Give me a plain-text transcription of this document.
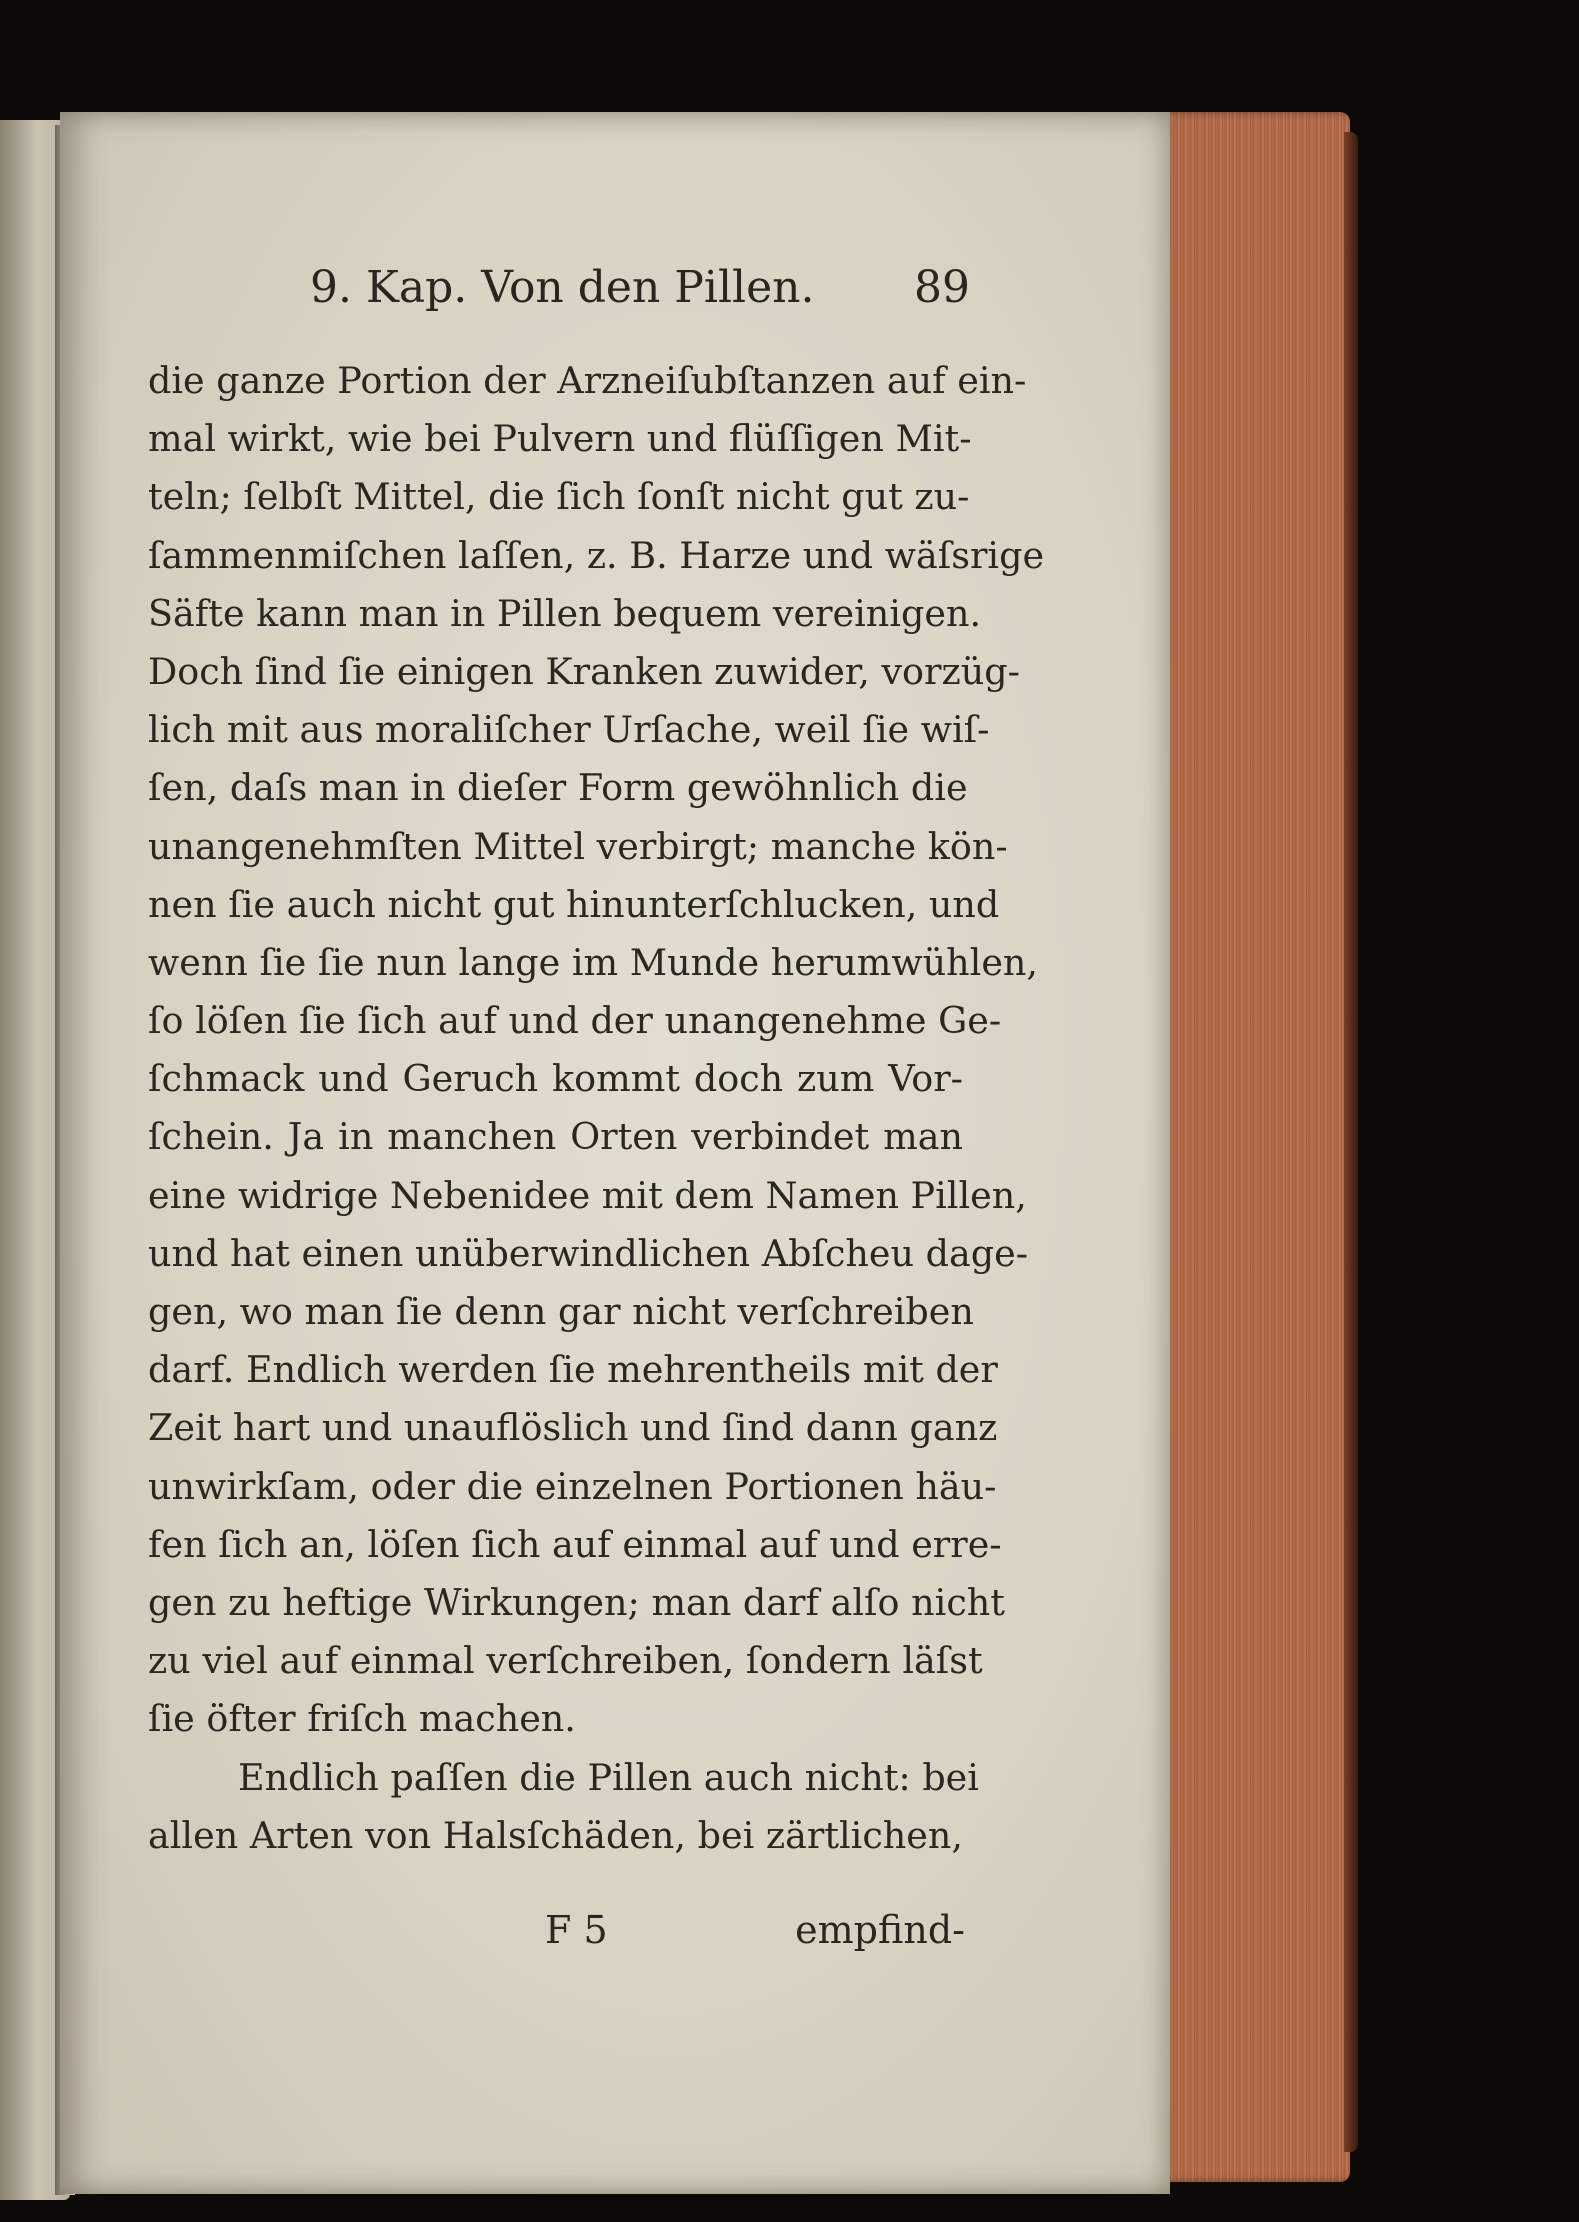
9. Kap. Von den Pillen. 89
die ganze Portion der Arzneiſubſtanzen auf ein-
mal wirkt, wie bei Pulvern und flüſſigen Mit-
teln; ſelbſt Mittel, die ſich ſonſt nicht gut zu-
ſammenmiſchen laſſen, z. B. Harze und wäſsrige
Säfte kann man in Pillen bequem vereinigen.
Doch ſind ſie einigen Kranken zuwider, vorzüg-
lich mit aus moraliſcher Urſache, weil ſie wiſ-
ſen, daſs man in dieſer Form gewöhnlich die
unangenehmſten Mittel verbirgt; manche kön-
nen ſie auch nicht gut hinunterſchlucken, und
wenn ſie ſie nun lange im Munde herumwühlen,
ſo löſen ſie ſich auf und der unangenehme Ge-
ſchmack und Geruch kommt doch zum Vor-
ſchein. Ja in manchen Orten verbindet man
eine widrige Nebenidee mit dem Namen Pillen,
und hat einen unüberwindlichen Abſcheu dage-
gen, wo man ſie denn gar nicht verſchreiben
darf. Endlich werden ſie mehrentheils mit der
Zeit hart und unauflöslich und ſind dann ganz
unwirkſam, oder die einzelnen Portionen häu-
fen ſich an, löſen ſich auf einmal auf und erre-
gen zu heftige Wirkungen; man darf alſo nicht
zu viel auf einmal verſchreiben, ſondern läſst
ſie öfter friſch machen.
Endlich paſſen die Pillen auch nicht: bei
allen Arten von Halsſchäden, bei zärtlichen,
F 5	empfind-
